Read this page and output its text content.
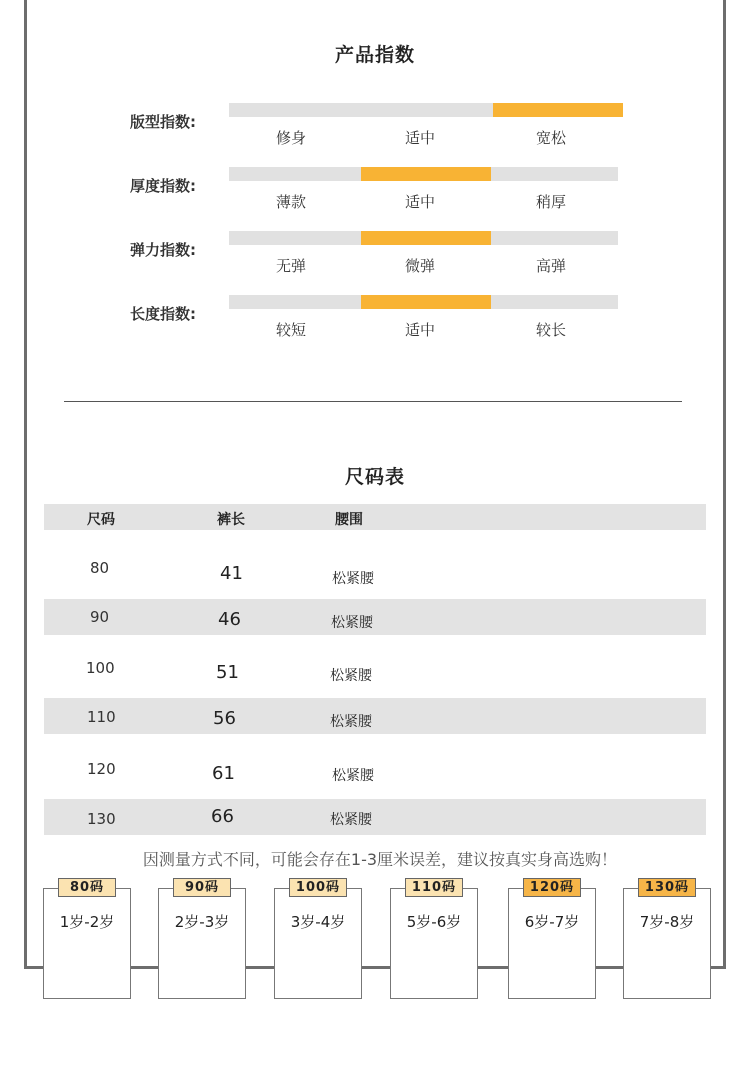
产品指数
版型指数:
修身	适中	宽松
厚度指数:
薄款	适中	稍厚
弹力指数:
无弹	微弹	高弹
长度指数:
较短	适中	较长
尺码表
尺码	裤长	腰围
80	41	松紧腰
90	46	松紧腰
100	51	松紧腰
110	56	松紧腰
120	61	松紧腰
130	66	松紧腰
因测量方式不同，可能会存在1-3厘米误差，建议按真实身高选购！
80码
1岁-2岁
90码
2岁-3岁
100码
3岁-4岁
110码
5岁-6岁
120码
6岁-7岁
130码
7岁-8岁
